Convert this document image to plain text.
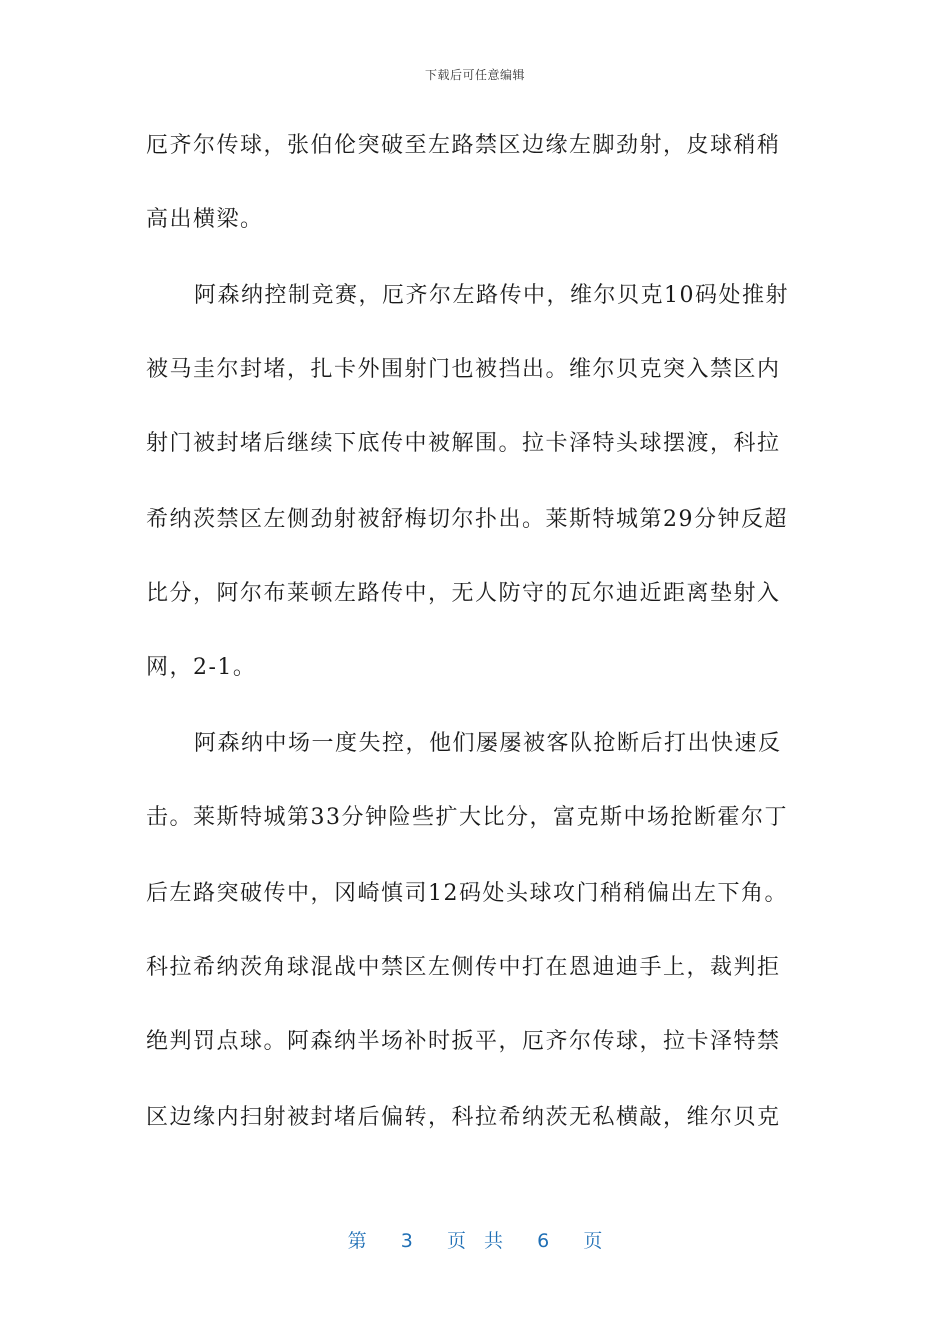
下载后可任意编辑
厄齐尔传球，张伯伦突破至左路禁区边缘左脚劲射，皮球稍稍
高出横梁。
阿森纳控制竞赛，厄齐尔左路传中，维尔贝克10码处推射
被马圭尔封堵，扎卡外围射门也被挡出。维尔贝克突入禁区内
射门被封堵后继续下底传中被解围。拉卡泽特头球摆渡，科拉
希纳茨禁区左侧劲射被舒梅切尔扑出。莱斯特城第29分钟反超
比分，阿尔布莱顿左路传中，无人防守的瓦尔迪近距离垫射入
网，2-1。
阿森纳中场一度失控，他们屡屡被客队抢断后打出快速反
击。莱斯特城第33分钟险些扩大比分，富克斯中场抢断霍尔丁
后左路突破传中，冈崎慎司12码处头球攻门稍稍偏出左下角。
科拉希纳茨角球混战中禁区左侧传中打在恩迪迪手上，裁判拒
绝判罚点球。阿森纳半场补时扳平，厄齐尔传球，拉卡泽特禁
区边缘内扫射被封堵后偏转，科拉希纳茨无私横敲，维尔贝克
第 3 页 共 6 页
